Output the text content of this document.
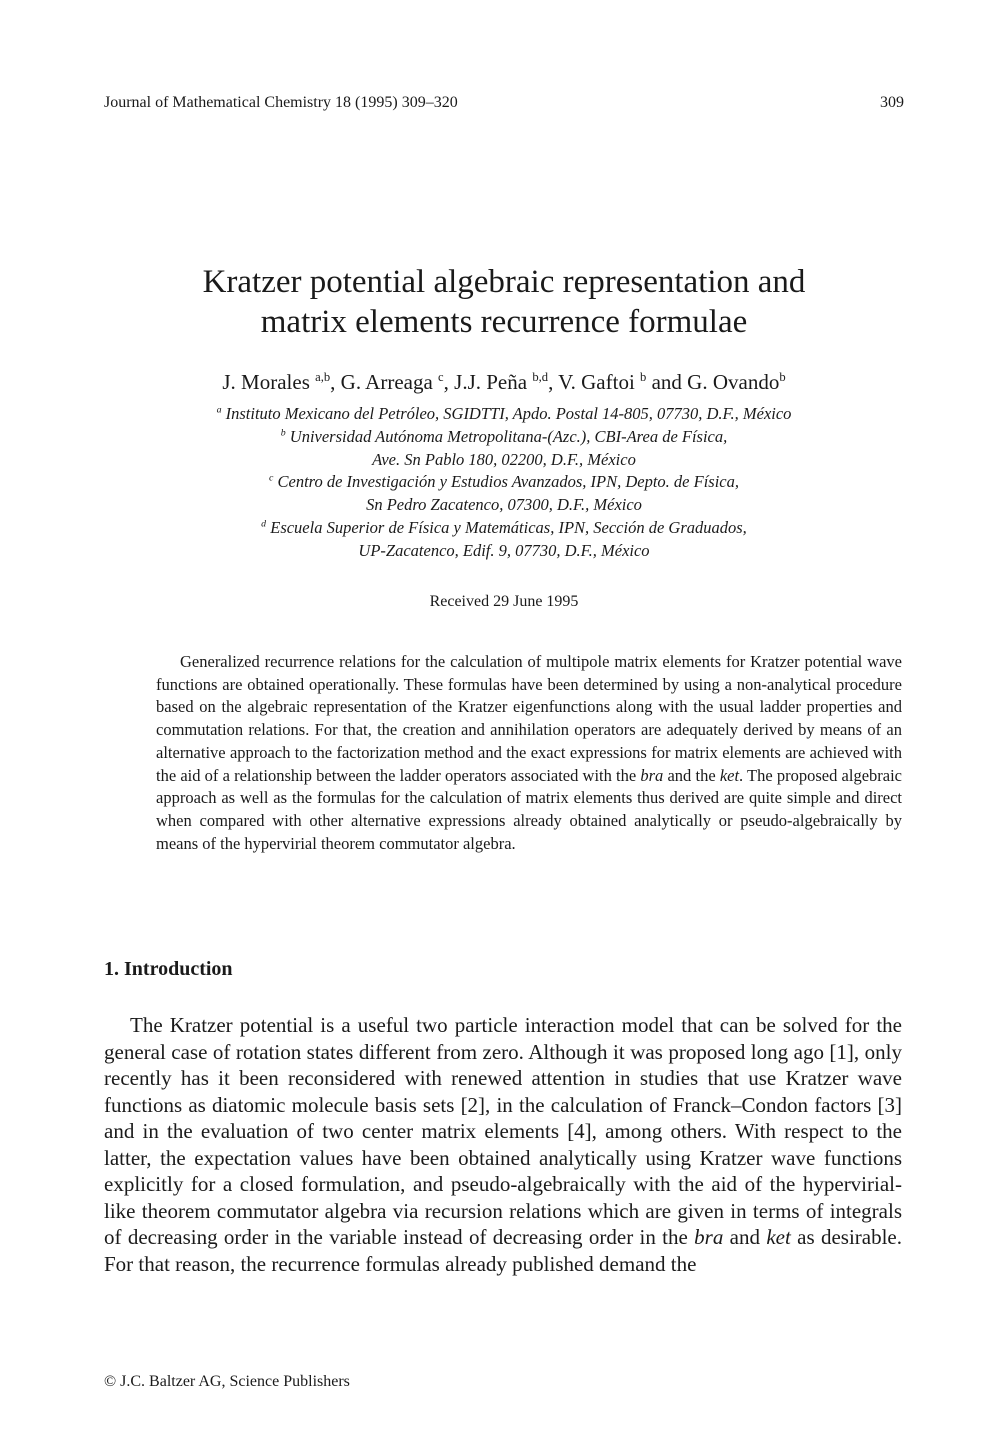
Journal of Mathematical Chemistry 18 (1995) 309–320	309
Kratzer potential algebraic representation and
matrix elements recurrence formulae
J. Morales $^{a,b}$, G. Arreaga $^c$, J.J. Peña $^{b,d}$, V. Gaftoi $^b$ and G. Ovando$^b$
$^a$ Instituto Mexicano del Petróleo, SGIDTTI, Apdo. Postal 14-805, 07730, D.F., México
$^b$ Universidad Autónoma Metropolitana-(Azc.), CBI-Area de Física,
Ave. Sn Pablo 180, 02200, D.F., México
$^c$ Centro de Investigación y Estudios Avanzados, IPN, Depto. de Física,
Sn Pedro Zacatenco, 07300, D.F., México
$^d$ Escuela Superior de Física y Matemáticas, IPN, Sección de Graduados,
UP-Zacatenco, Edif. 9, 07730, D.F., México
Received 29 June 1995

Generalized recurrence relations for the calculation of multipole matrix elements for Kratzer potential wave functions are obtained operationally. These formulas have been determined by using a non-analytical procedure based on the algebraic representation of the Kratzer eigenfunctions along with the usual ladder properties and commutation relations. For that, the creation and annihilation operators are adequately derived by means of an alternative approach to the factorization method and the exact expressions for matrix elements are achieved with the aid of a relationship between the ladder operators associated with the bra and the ket. The proposed algebraic approach as well as the formulas for the calculation of matrix elements thus derived are quite simple and direct when compared with other alternative expressions already obtained analytically or pseudo-algebraically by means of the hypervirial theorem commutator algebra.

1. Introduction

The Kratzer potential is a useful two particle interaction model that can be solved for the general case of rotation states different from zero. Although it was proposed long ago [1], only recently has it been reconsidered with renewed attention in studies that use Kratzer wave functions as diatomic molecule basis sets [2], in the calculation of Franck–Condon factors [3] and in the evaluation of two center matrix elements [4], among others. With respect to the latter, the expectation values have been obtained analytically using Kratzer wave functions explicitly for a closed formulation, and pseudo-algebraically with the aid of the hypervirial-like theorem commutator algebra via recursion relations which are given in terms of integrals of decreasing order in the variable instead of decreasing order in the bra and ket as desirable. For that reason, the recurrence formulas already published demand the

© J.C. Baltzer AG, Science Publishers
